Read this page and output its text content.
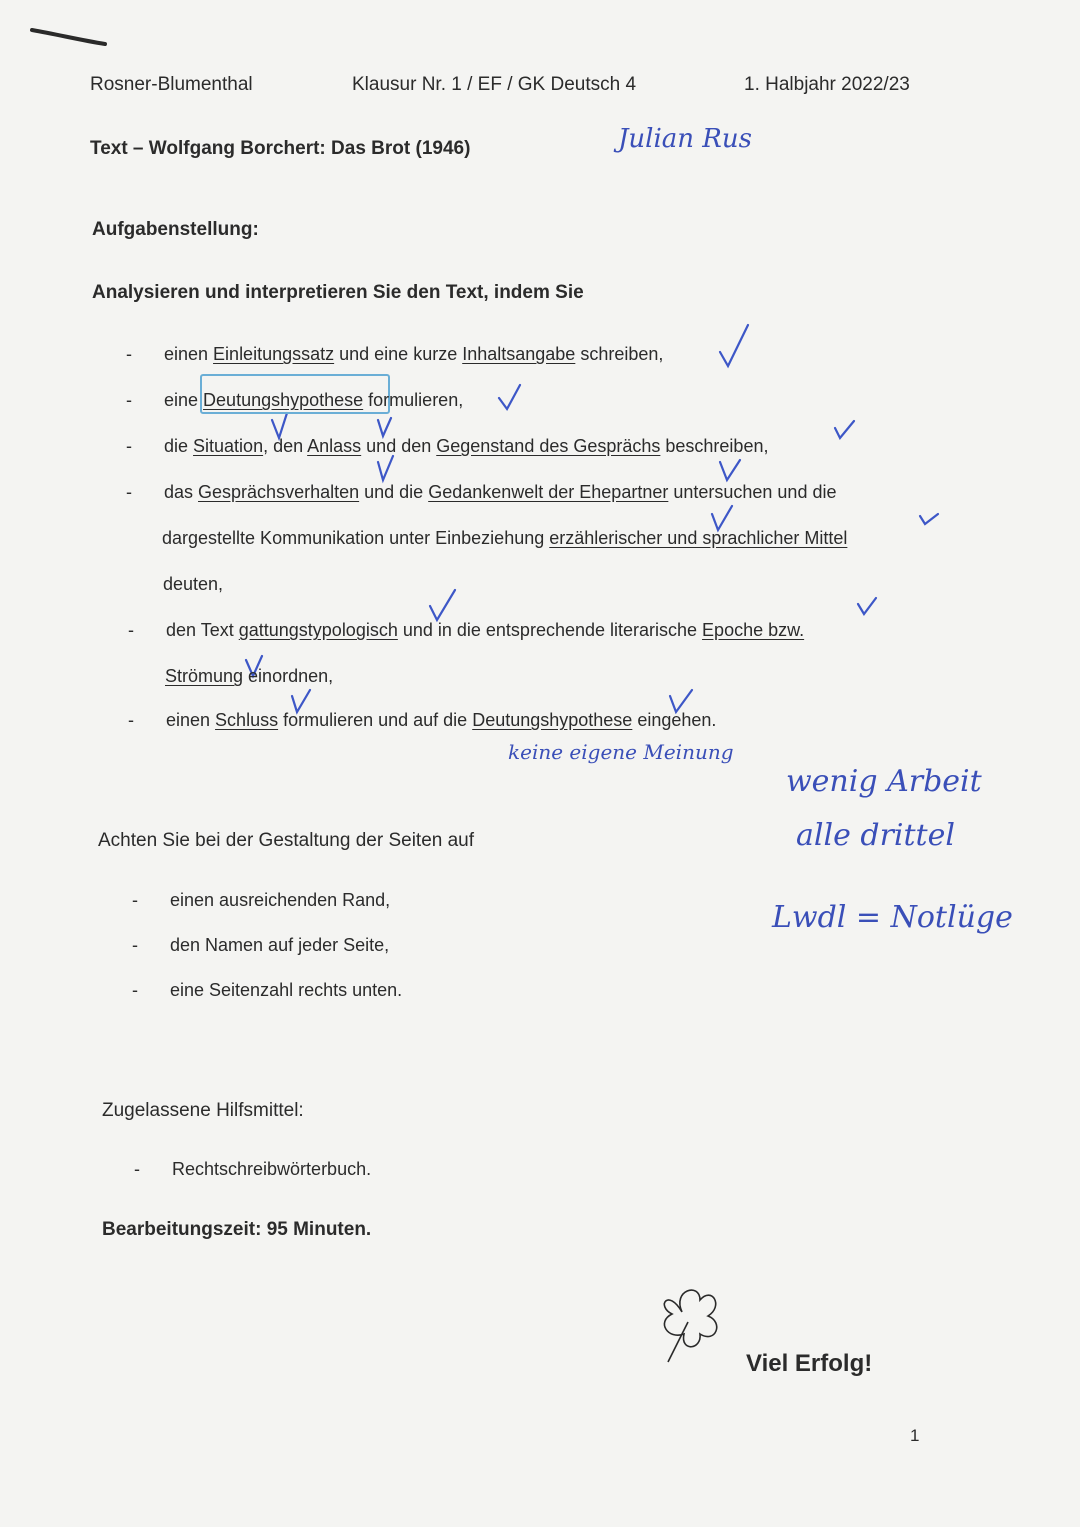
Rosner-Blumenthal	Klausur Nr. 1 / EF / GK Deutsch 4	1. Halbjahr 2022/23
Text – Wolfgang Borchert: Das Brot (1946)	Julian Rus
Aufgabenstellung:
Analysieren und interpretieren Sie den Text, indem Sie
- einen Einleitungssatz und eine kurze Inhaltsangabe schreiben,
- eine Deutungshypothese formulieren,
- die Situation, den Anlass und den Gegenstand des Gesprächs beschreiben,
- das Gesprächsverhalten und die Gedankenwelt der Ehepartner untersuchen und die
dargestellte Kommunikation unter Einbeziehung erzählerischer und sprachlicher Mittel
deuten,
- den Text gattungstypologisch und in die entsprechende literarische Epoche bzw.
Strömung einordnen,
- einen Schluss formulieren und auf die Deutungshypothese eingehen.
keine eigene Meinung
wenig Arbeit
alle drittel
Lwdl = Notlüge
Achten Sie bei der Gestaltung der Seiten auf
- einen ausreichenden Rand,
- den Namen auf jeder Seite,
- eine Seitenzahl rechts unten.
Zugelassene Hilfsmittel:
- Rechtschreibwörterbuch.
Bearbeitungszeit: 95 Minuten.
Viel Erfolg!
1
